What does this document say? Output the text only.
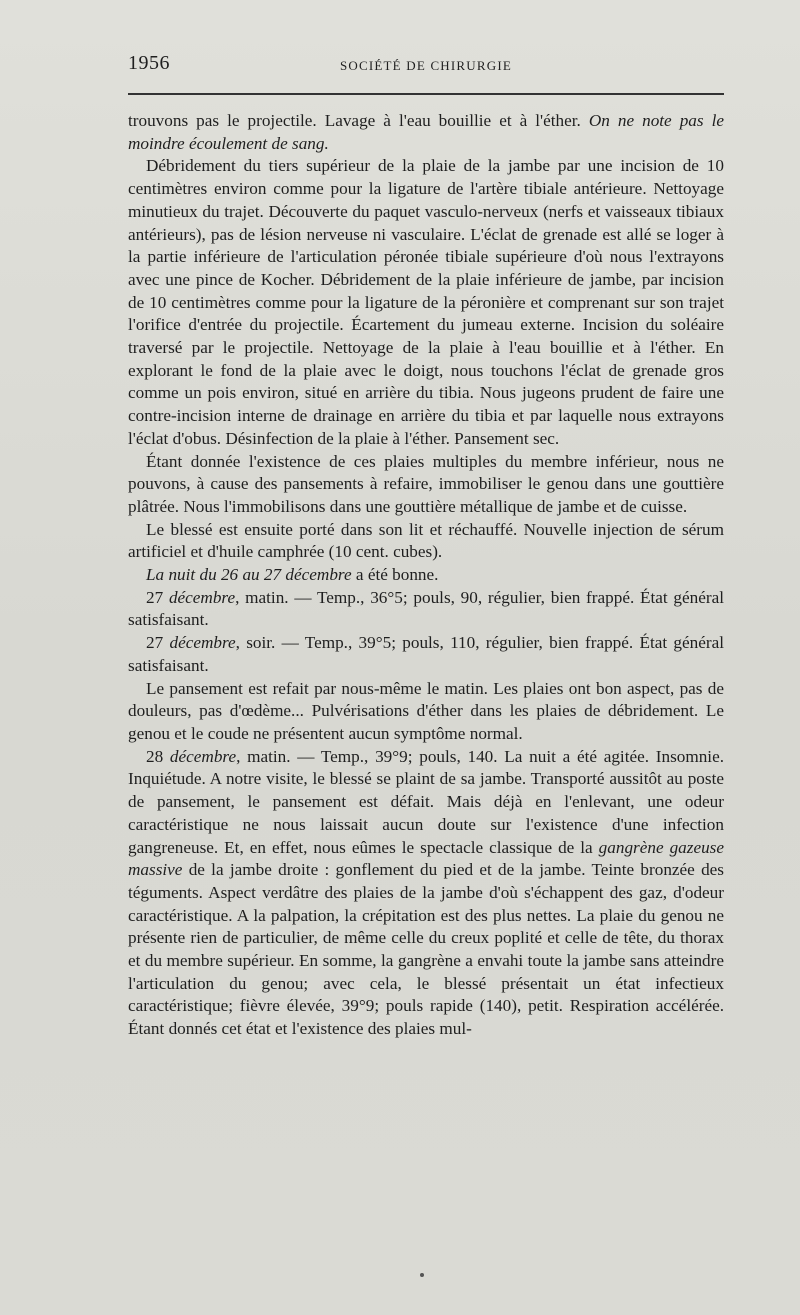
1956	SOCIÉTÉ DE CHIRURGIE

trouvons pas le projectile. Lavage à l'eau bouillie et à l'éther. On ne note pas le moindre écoulement de sang.

Débridement du tiers supérieur de la plaie de la jambe par une incision de 10 centimètres environ comme pour la ligature de l'artère tibiale antérieure. Nettoyage minutieux du trajet. Découverte du paquet vasculo-nerveux (nerfs et vaisseaux tibiaux antérieurs), pas de lésion nerveuse ni vasculaire. L'éclat de grenade est allé se loger à la partie inférieure de l'articulation péronée tibiale supérieure d'où nous l'extrayons avec une pince de Kocher. Débridement de la plaie inférieure de jambe, par incision de 10 centimètres comme pour la ligature de la péronière et comprenant sur son trajet l'orifice d'entrée du projectile. Écartement du jumeau externe. Incision du soléaire traversé par le projectile. Nettoyage de la plaie à l'eau bouillie et à l'éther. En explorant le fond de la plaie avec le doigt, nous touchons l'éclat de grenade gros comme un pois environ, situé en arrière du tibia. Nous jugeons prudent de faire une contre-incision interne de drainage en arrière du tibia et par laquelle nous extrayons l'éclat d'obus. Désinfection de la plaie à l'éther. Pansement sec.

Étant donnée l'existence de ces plaies multiples du membre inférieur, nous ne pouvons, à cause des pansements à refaire, immobiliser le genou dans une gouttière plâtrée. Nous l'immobilisons dans une gouttière métallique de jambe et de cuisse.

Le blessé est ensuite porté dans son lit et réchauffé. Nouvelle injection de sérum artificiel et d'huile camphrée (10 cent. cubes).

La nuit du 26 au 27 décembre a été bonne.

27 décembre, matin. — Temp., 36°5; pouls, 90, régulier, bien frappé. État général satisfaisant.

27 décembre, soir. — Temp., 39°5; pouls, 110, régulier, bien frappé. État général satisfaisant.

Le pansement est refait par nous-même le matin. Les plaies ont bon aspect, pas de douleurs, pas d'œdème... Pulvérisations d'éther dans les plaies de débridement. Le genou et le coude ne présentent aucun symptôme normal.

28 décembre, matin. — Temp., 39°9; pouls, 140. La nuit a été agitée. Insomnie. Inquiétude. A notre visite, le blessé se plaint de sa jambe. Transporté aussitôt au poste de pansement, le pansement est défait. Mais déjà en l'enlevant, une odeur caractéristique ne nous laissait aucun doute sur l'existence d'une infection gangreneuse. Et, en effet, nous eûmes le spectacle classique de la gangrène gazeuse massive de la jambe droite : gonflement du pied et de la jambe. Teinte bronzée des téguments. Aspect verdâtre des plaies de la jambe d'où s'échappent des gaz, d'odeur caractéristique. A la palpation, la crépitation est des plus nettes. La plaie du genou ne présente rien de particulier, de même celle du creux poplité et celle de tête, du thorax et du membre supérieur. En somme, la gangrène a envahi toute la jambe sans atteindre l'articulation du genou; avec cela, le blessé présentait un état infectieux caractéristique; fièvre élevée, 39°9; pouls rapide (140), petit. Respiration accélérée. Étant donnés cet état et l'existence des plaies mul-
